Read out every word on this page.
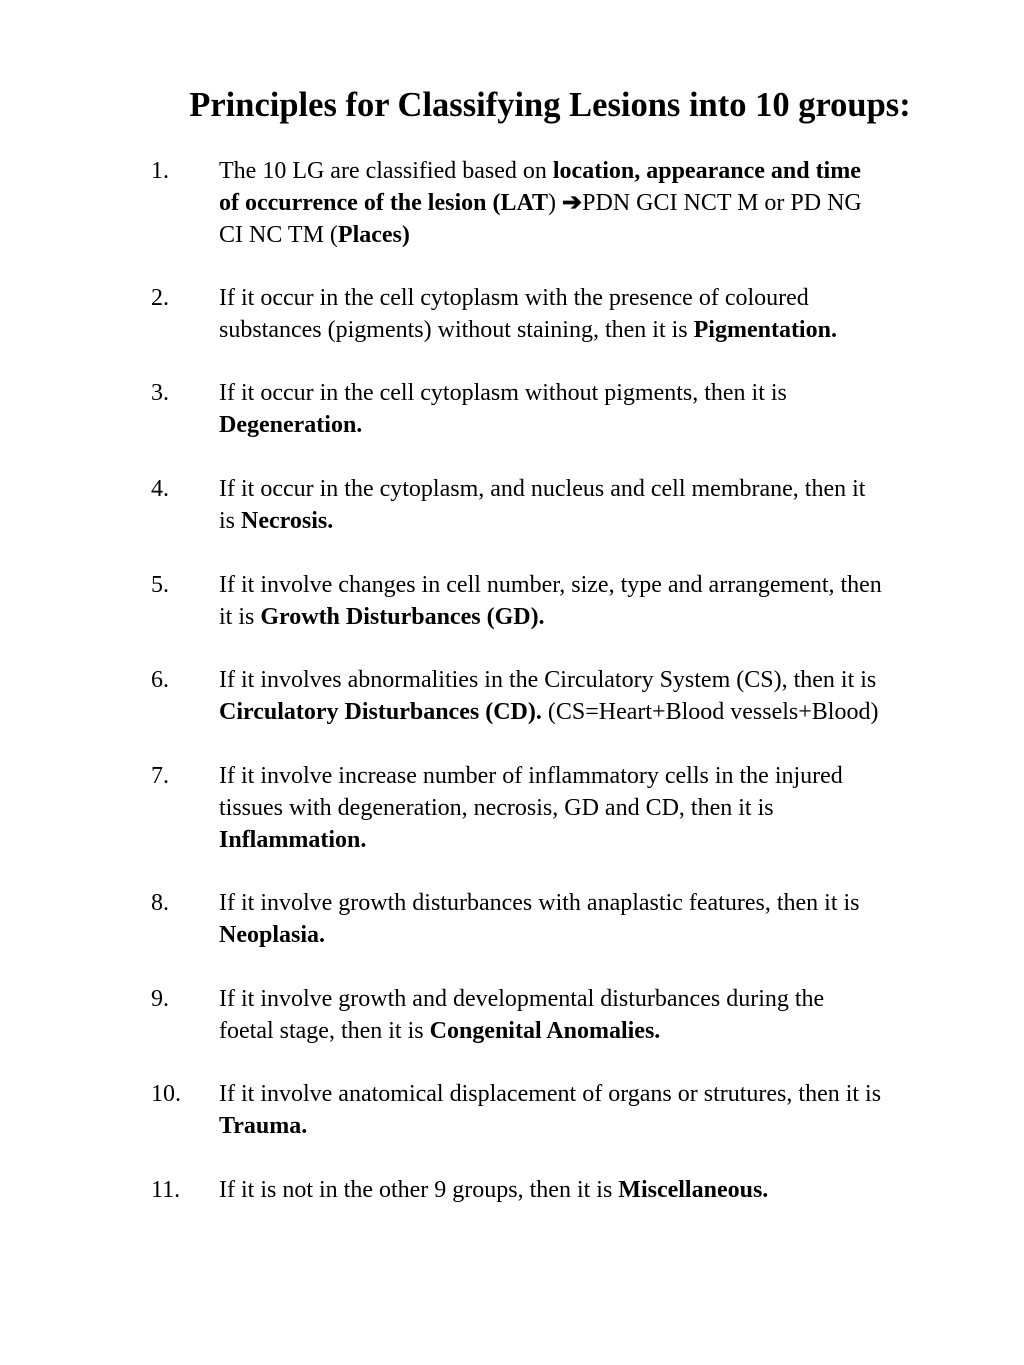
Principles for Classifying Lesions into 10 groups:
1. The 10 LG are classified based on location, appearance and time
of occurrence of the lesion (LAT) ➔PDN GCI NCT M or PD NG
CI NC TM (Places)
2. If it occur in the cell cytoplasm with the presence of coloured
substances (pigments) without staining, then it is Pigmentation.
3. If it occur in the cell cytoplasm without pigments, then it is
Degeneration.
4. If it occur in the cytoplasm, and nucleus and cell membrane, then it
is Necrosis.
5. If it involve changes in cell number, size, type and arrangement, then
it is Growth Disturbances (GD).
6. If it involves abnormalities in the Circulatory System (CS), then it is
Circulatory Disturbances (CD). (CS=Heart+Blood vessels+Blood)
7. If it involve increase number of inflammatory cells in the injured
tissues with degeneration, necrosis, GD and CD, then it is
Inflammation.
8. If it involve growth disturbances with anaplastic features, then it is
Neoplasia.
9. If it involve growth and developmental disturbances during the
foetal stage, then it is Congenital Anomalies.
10. If it involve anatomical displacement of organs or strutures, then it is
Trauma.
11. If it is not in the other 9 groups, then it is Miscellaneous.
